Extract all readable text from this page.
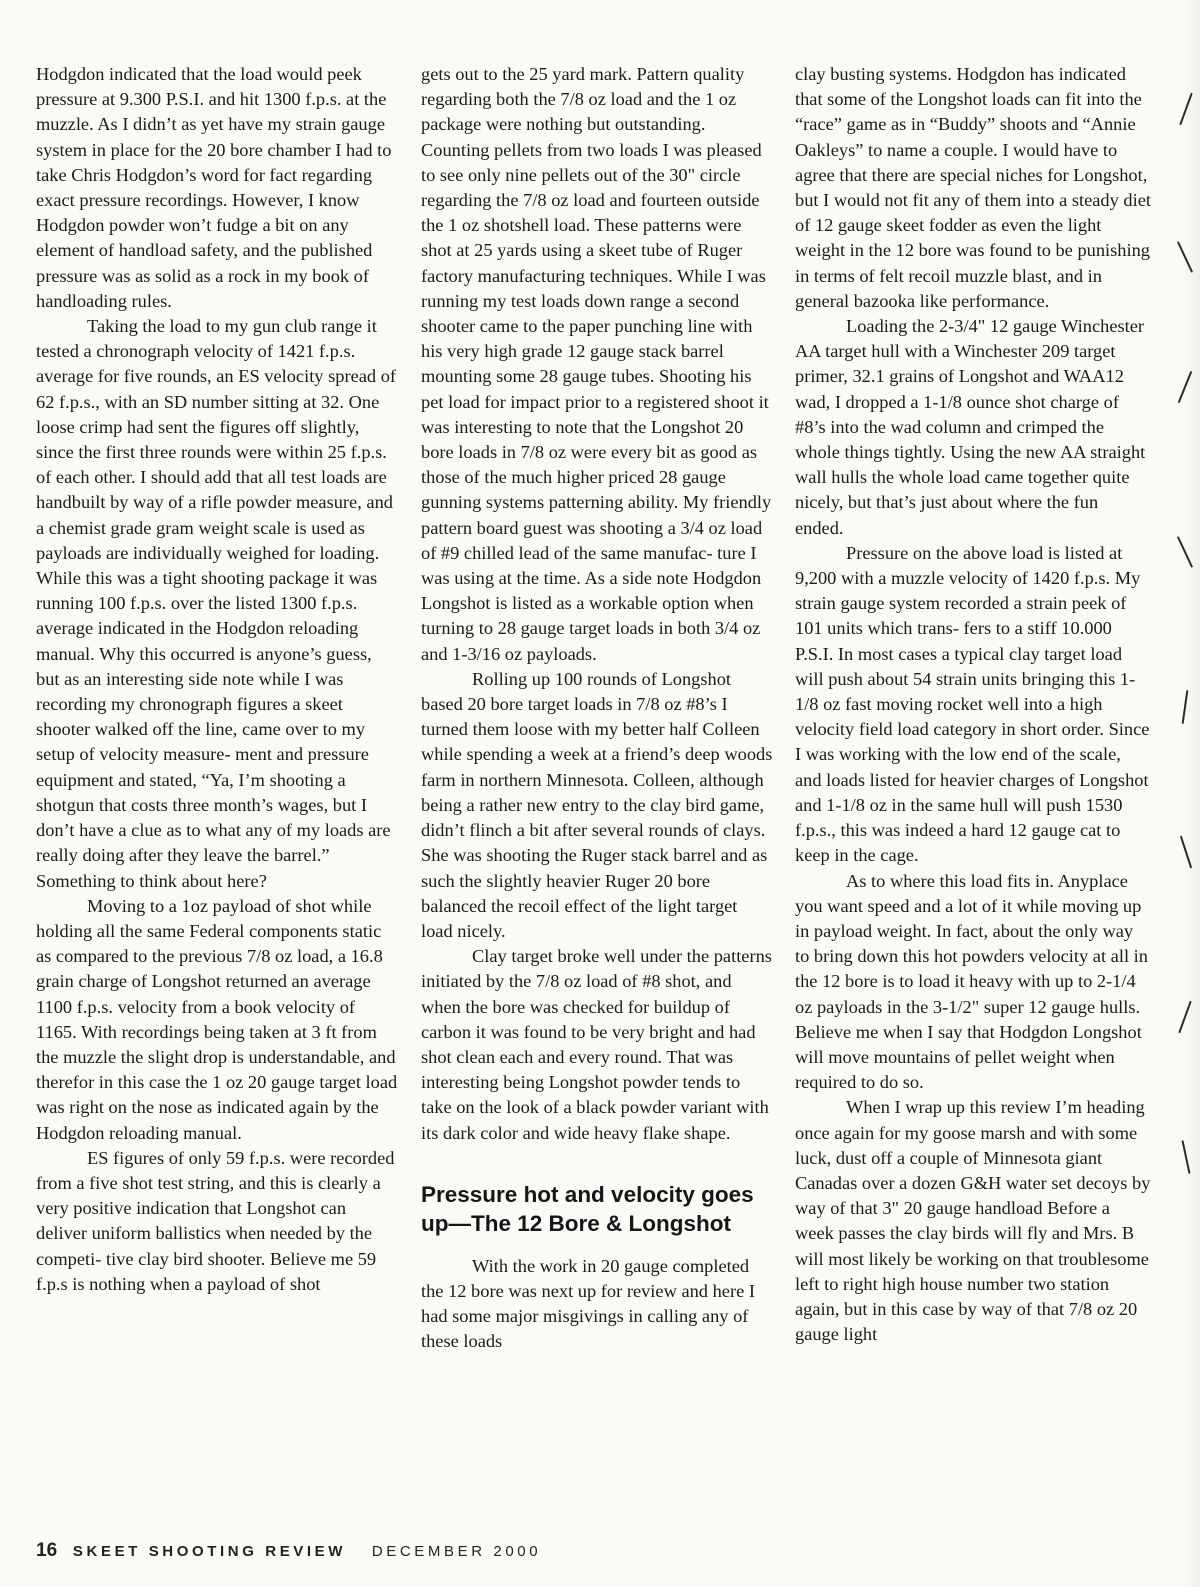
Hodgdon indicated that the load would peek pressure at 9.300 P.S.I. and hit 1300 f.p.s. at the muzzle. As I didn’t as yet have my strain gauge system in place for the 20 bore chamber I had to take Chris Hodgdon’s word for fact regarding exact pressure recordings. However, I know Hodgdon powder won’t fudge a bit on any element of handload safety, and the published pressure was as solid as a rock in my book of handloading rules.

Taking the load to my gun club range it tested a chronograph velocity of 1421 f.p.s. average for five rounds, an ES velocity spread of 62 f.p.s., with an SD number sitting at 32. One loose crimp had sent the figures off slightly, since the first three rounds were within 25 f.p.s. of each other. I should add that all test loads are handbuilt by way of a rifle powder measure, and a chemist grade gram weight scale is used as payloads are individually weighed for loading. While this was a tight shooting package it was running 100 f.p.s. over the listed 1300 f.p.s. average indicated in the Hodgdon reloading manual. Why this occurred is anyone’s guess, but as an interesting side note while I was recording my chronograph figures a skeet shooter walked off the line, came over to my setup of velocity measure- ment and pressure equipment and stated, “Ya, I’m shooting a shotgun that costs three month’s wages, but I don’t have a clue as to what any of my loads are really doing after they leave the barrel.” Something to think about here?

Moving to a 1oz payload of shot while holding all the same Federal components static as compared to the previous 7/8 oz load, a 16.8 grain charge of Longshot returned an average 1100 f.p.s. velocity from a book velocity of 1165. With recordings being taken at 3 ft from the muzzle the slight drop is understandable, and therefor in this case the 1 oz 20 gauge target load was right on the nose as indicated again by the Hodgdon reloading manual.

ES figures of only 59 f.p.s. were recorded from a five shot test string, and this is clearly a very positive indication that Longshot can deliver uniform ballistics when needed by the competi- tive clay bird shooter. Believe me 59 f.p.s is nothing when a payload of shot

gets out to the 25 yard mark. Pattern quality regarding both the 7/8 oz load and the 1 oz package were nothing but outstanding. Counting pellets from two loads I was pleased to see only nine pellets out of the 30" circle regarding the 7/8 oz load and fourteen outside the 1 oz shotshell load. These patterns were shot at 25 yards using a skeet tube of Ruger factory manufacturing techniques. While I was running my test loads down range a second shooter came to the paper punching line with his very high grade 12 gauge stack barrel mounting some 28 gauge tubes. Shooting his pet load for impact prior to a registered shoot it was interesting to note that the Longshot 20 bore loads in 7/8 oz were every bit as good as those of the much higher priced 28 gauge gunning systems patterning ability. My friendly pattern board guest was shooting a 3/4 oz load of #9 chilled lead of the same manufac- ture I was using at the time. As a side note Hodgdon Longshot is listed as a workable option when turning to 28 gauge target loads in both 3/4 oz and 1-3/16 oz payloads.

Rolling up 100 rounds of Longshot based 20 bore target loads in 7/8 oz #8’s I turned them loose with my better half Colleen while spending a week at a friend’s deep woods farm in northern Minnesota. Colleen, although being a rather new entry to the clay bird game, didn’t flinch a bit after several rounds of clays. She was shooting the Ruger stack barrel and as such the slightly heavier Ruger 20 bore balanced the recoil effect of the light target load nicely.

Clay target broke well under the patterns initiated by the 7/8 oz load of #8 shot, and when the bore was checked for buildup of carbon it was found to be very bright and had shot clean each and every round. That was interesting being Longshot powder tends to take on the look of a black powder variant with its dark color and wide heavy flake shape.

Pressure hot and velocity goes up—The 12 Bore & Longshot

With the work in 20 gauge completed the 12 bore was next up for review and here I had some major misgivings in calling any of these loads

clay busting systems. Hodgdon has indicated that some of the Longshot loads can fit into the “race” game as in “Buddy” shoots and “Annie Oakleys” to name a couple. I would have to agree that there are special niches for Longshot, but I would not fit any of them into a steady diet of 12 gauge skeet fodder as even the light weight in the 12 bore was found to be punishing in terms of felt recoil muzzle blast, and in general bazooka like performance.

Loading the 2-3/4" 12 gauge Winchester AA target hull with a Winchester 209 target primer, 32.1 grains of Longshot and WAA12 wad, I dropped a 1-1/8 ounce shot charge of #8’s into the wad column and crimped the whole things tightly. Using the new AA straight wall hulls the whole load came together quite nicely, but that’s just about where the fun ended.

Pressure on the above load is listed at 9,200 with a muzzle velocity of 1420 f.p.s. My strain gauge system recorded a strain peek of 101 units which trans- fers to a stiff 10.000 P.S.I. In most cases a typical clay target load will push about 54 strain units bringing this 1-1/8 oz fast moving rocket well into a high velocity field load category in short order. Since I was working with the low end of the scale, and loads listed for heavier charges of Longshot and 1-1/8 oz in the same hull will push 1530 f.p.s., this was indeed a hard 12 gauge cat to keep in the cage.

As to where this load fits in. Anyplace you want speed and a lot of it while moving up in payload weight. In fact, about the only way to bring down this hot powders velocity at all in the 12 bore is to load it heavy with up to 2-1/4 oz payloads in the 3-1/2" super 12 gauge hulls. Believe me when I say that Hodgdon Longshot will move mountains of pellet weight when required to do so.

When I wrap up this review I’m heading once again for my goose marsh and with some luck, dust off a couple of Minnesota giant Canadas over a dozen G&H water set decoys by way of that 3" 20 gauge handload Before a week passes the clay birds will fly and Mrs. B will most likely be working on that troublesome left to right high house number two station again, but in this case by way of that 7/8 oz 20 gauge light

16 SKEET SHOOTING REVIEW DECEMBER 2000
